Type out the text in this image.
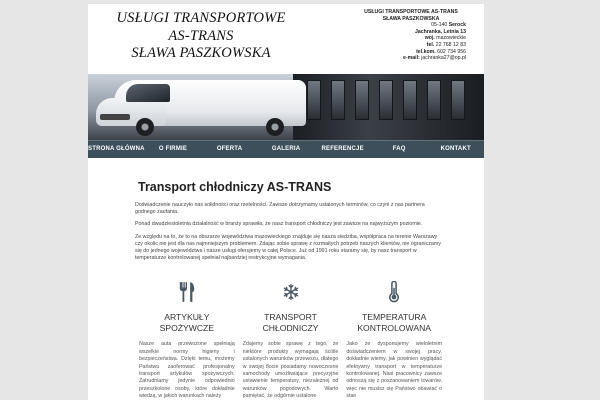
USŁUGI TRANSPORTOWE
AS-TRANS
SŁAWA PASZKOWSKA
USŁUGI TRANSPORTOWE AS-TRANS SŁAWA PASZKOWSKA
05-140 Serock
Jachranka, Letnia 13
woj. mazowieckie
tel. 22 768 12 83
tel.kom. 602 734 956
e-mail: jachranka27@op.pl
STRONA GŁÓWNA	O FIRMIE	OFERTA	GALERIA	REFERENCJE	FAQ	KONTAKT
Transport chłodniczy AS-TRANS

Doświadczenie nauczyło nas solidności oraz rzetelności. Zawsze dotrzymamy ustalonych terminów, co czyni z nas partnera godnego zaufania.

Ponad dwudziestoletnia działalność w branży sprawiła, że nasz transport chłodniczy jest zawsze na najwyższym poziomie.

Ze względu na to, że to na obszarze województwa mazowieckiego znajduje się nasza siedziba, współpraca na terenie Warszawy czy okolic nie jest dla nas najmniejszym problemem. Zdając sobie sprawę z rozmaitych potrzeb naszych klientów, nie ograniczamy się do jednego województwa i nasze usługi oferujemy w całej Polsce. Już od 1991 roku staramy się, by nasz transport w temperaturze kontrolowanej spełniał najbardziej restrykcyjne wymagania.

ARTYKUŁY
SPOŻYWCZE

Nasze auta przewożone spełniają wszelkie normy higieny i bezpieczeństwa. Dzięki temu, możemy Państwu zaoferować profesjonalny transport artykułów spożywczych. Zatrudniamy jedynie odpowiednio przeszkolone osoby, które dokładnie wiedzą, w jakich warunkach należy

TRANSPORT
CHŁODNICZY

Zdajemy sobie sprawę z tego, że niektóre produkty wymagają ściśle ustalonych warunków przewozu, dlatego w swojej flocie posiadamy nowoczesne samochody umożliwiające precyzyjne ustawienie temperatury, niezależnej od warunków pogodowych. Warto pamiętać, że odgórnie ustalone

TEMPERATURA
KONTROLOWANA

Jako że dysponujemy wieloletnim doświadczeniem w swojej pracy, dokładnie wiemy, jak powinien wyglądać efektywny transport w temperaturze kontrolowanej. Nasi pracownicy zawsze odnoszą się z poszanowaniem towarów, więc nie musisz się Państwo obawiać o stan
